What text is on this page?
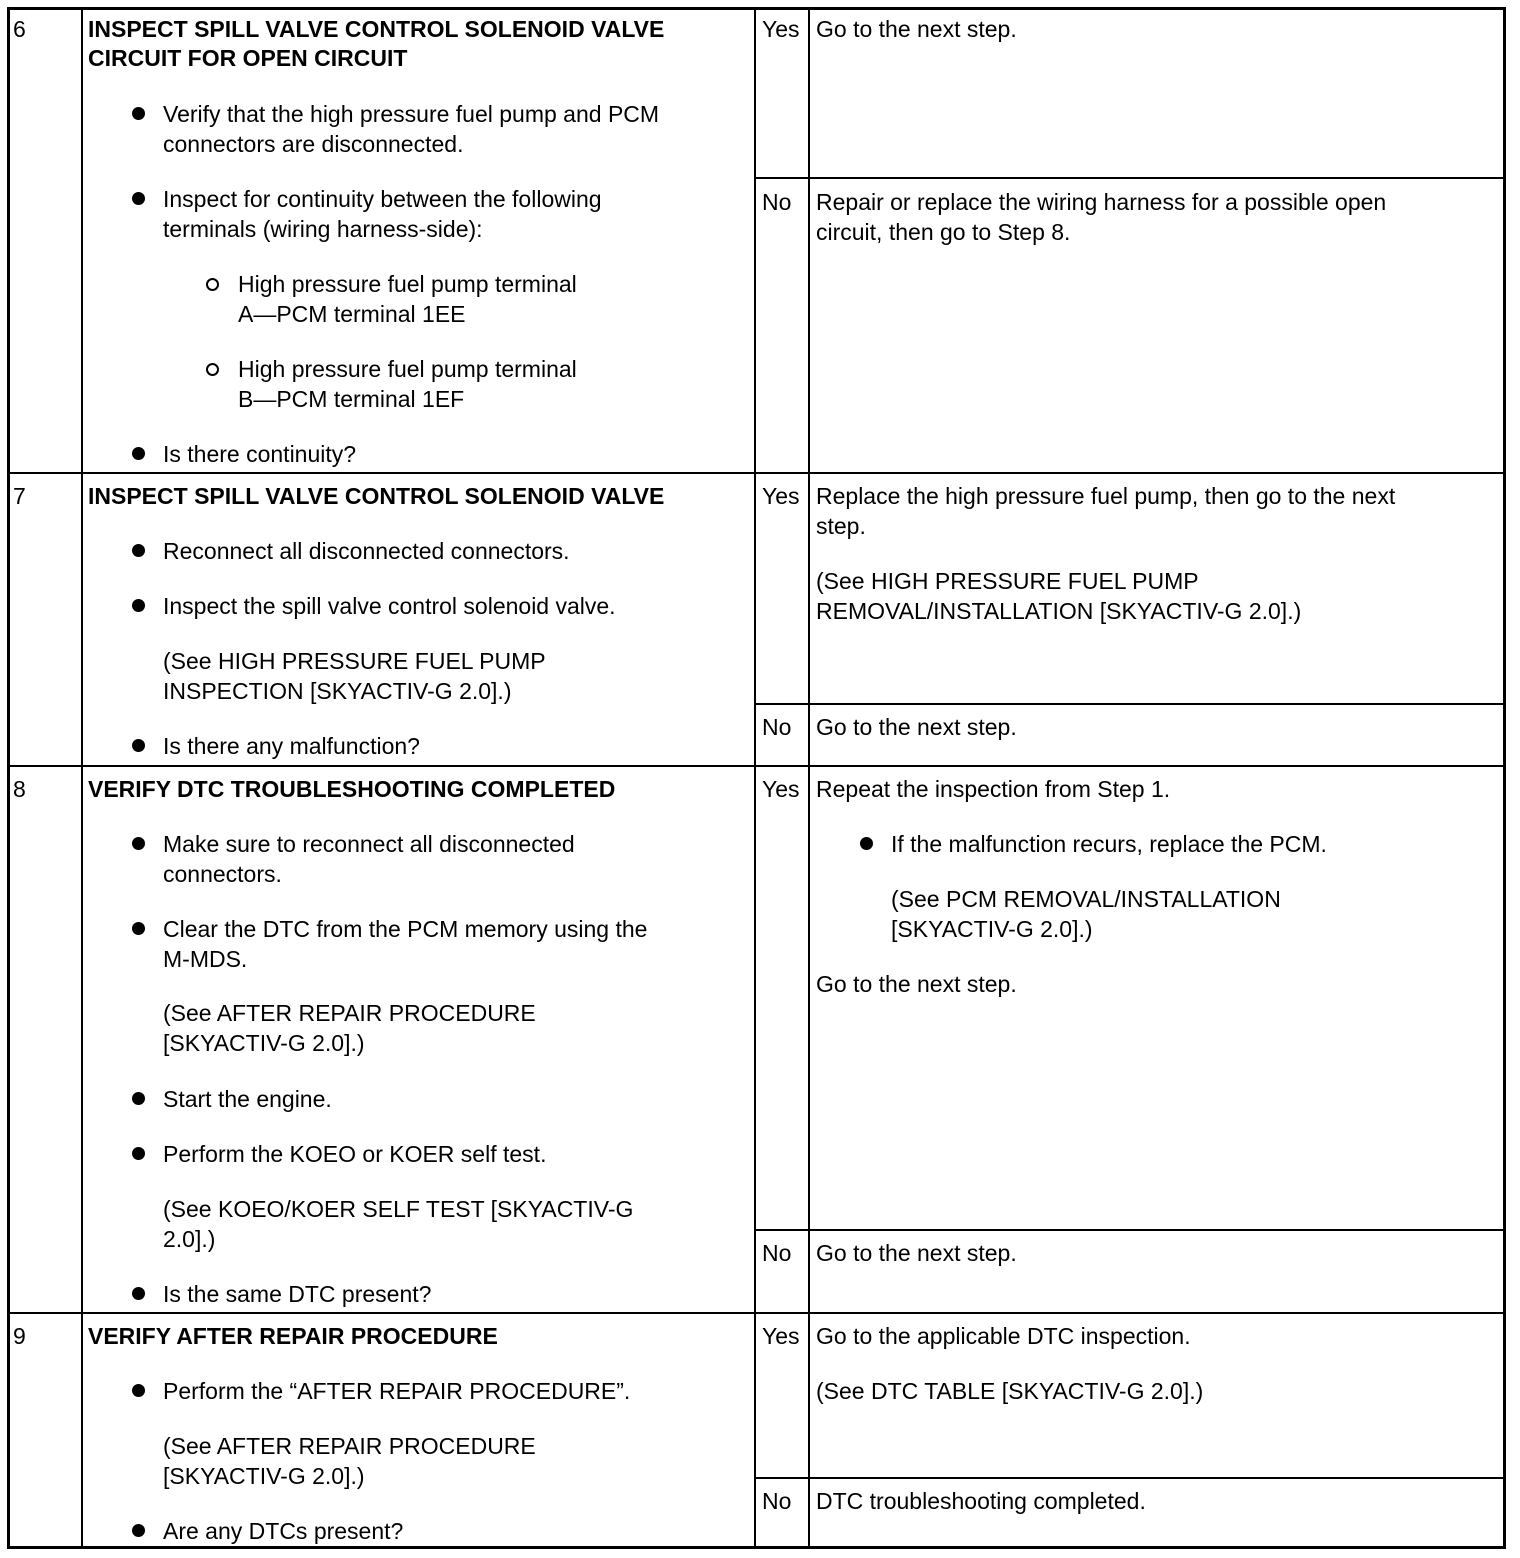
6	INSPECT SPILL VALVE CONTROL SOLENOID VALVE
CIRCUIT FOR OPEN CIRCUIT
Verify that the high pressure fuel pump and PCM
connectors are disconnected.
Inspect for continuity between the following
terminals (wiring harness-side):
High pressure fuel pump terminal
A—PCM terminal 1EE
High pressure fuel pump terminal
B—PCM terminal 1EF
Is there continuity?
Yes Go to the next step.
No Repair or replace the wiring harness for a possible open
circuit, then go to Step 8.
7	INSPECT SPILL VALVE CONTROL SOLENOID VALVE
Reconnect all disconnected connectors.
Inspect the spill valve control solenoid valve.
(See HIGH PRESSURE FUEL PUMP
INSPECTION [SKYACTIV-G 2.0].)
Is there any malfunction?
Yes Replace the high pressure fuel pump, then go to the next
step.
(See HIGH PRESSURE FUEL PUMP
REMOVAL/INSTALLATION [SKYACTIV-G 2.0].)
No Go to the next step.
8	VERIFY DTC TROUBLESHOOTING COMPLETED
Make sure to reconnect all disconnected
connectors.
Clear the DTC from the PCM memory using the
M-MDS.
(See AFTER REPAIR PROCEDURE
[SKYACTIV-G 2.0].)
Start the engine.
Perform the KOEO or KOER self test.
(See KOEO/KOER SELF TEST [SKYACTIV-G
2.0].)
Is the same DTC present?
Yes Repeat the inspection from Step 1.
If the malfunction recurs, replace the PCM.
(See PCM REMOVAL/INSTALLATION
[SKYACTIV-G 2.0].)
Go to the next step.
No Go to the next step.
9	VERIFY AFTER REPAIR PROCEDURE
Perform the “AFTER REPAIR PROCEDURE”.
(See AFTER REPAIR PROCEDURE
[SKYACTIV-G 2.0].)
Are any DTCs present?
Yes Go to the applicable DTC inspection.
(See DTC TABLE [SKYACTIV-G 2.0].)
No DTC troubleshooting completed.
